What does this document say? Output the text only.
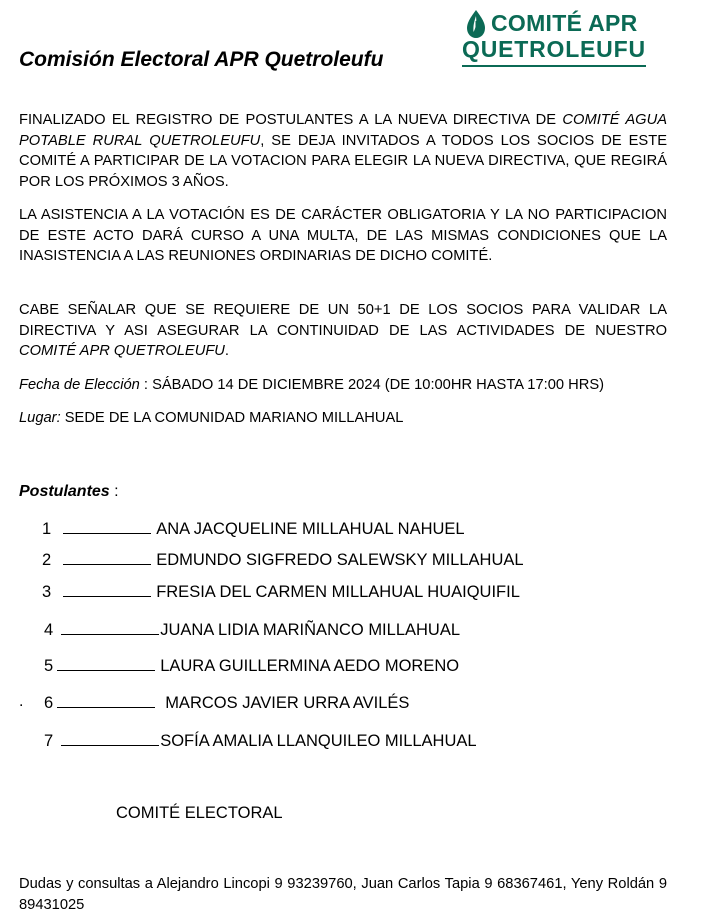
Comisión Electoral APR Quetroleufu
COMITÉ APR
QUETROLEUFU

FINALIZADO EL REGISTRO DE POSTULANTES A LA NUEVA DIRECTIVA DE COMITÉ AGUA POTABLE RURAL QUETROLEUFU, SE DEJA INVITADOS A TODOS LOS SOCIOS DE ESTE COMITÉ A PARTICIPAR DE LA VOTACION PARA ELEGIR LA NUEVA DIRECTIVA, QUE REGIRÁ POR LOS PRÓXIMOS 3 AÑOS.

LA ASISTENCIA A LA VOTACIÓN ES DE CARÁCTER OBLIGATORIA Y LA NO PARTICIPACION DE ESTE ACTO DARÁ CURSO A UNA MULTA, DE LAS MISMAS CONDICIONES QUE LA INASISTENCIA A LAS REUNIONES ORDINARIAS DE DICHO COMITÉ.

CABE SEÑALAR QUE SE REQUIERE DE UN 50+1 DE LOS SOCIOS PARA VALIDAR LA DIRECTIVA Y ASI ASEGURAR LA CONTINUIDAD DE LAS ACTIVIDADES DE NUESTRO COMITÉ APR QUETROLEUFU.

Fecha de Elección : SÁBADO 14 DE DICIEMBRE 2024 (DE 10:00HR HASTA 17:00 HRS)

Lugar: SEDE DE LA COMUNIDAD MARIANO MILLAHUAL

Postulantes :

1	ANA JACQUELINE MILLAHUAL NAHUEL
2	EDMUNDO SIGFREDO SALEWSKY MILLAHUAL
3	FRESIA DEL CARMEN MILLAHUAL HUAIQUIFIL
4	JUANA LIDIA MARIÑANCO MILLAHUAL
5	LAURA GUILLERMINA AEDO MORENO
. 6	MARCOS JAVIER URRA AVILÉS
7	SOFÍA AMALIA LLANQUILEO MILLAHUAL
COMITÉ ELECTORAL

Dudas y consultas a Alejandro Lincopi 9 93239760, Juan Carlos Tapia 9 68367461, Yeny Roldán 9 89431025
